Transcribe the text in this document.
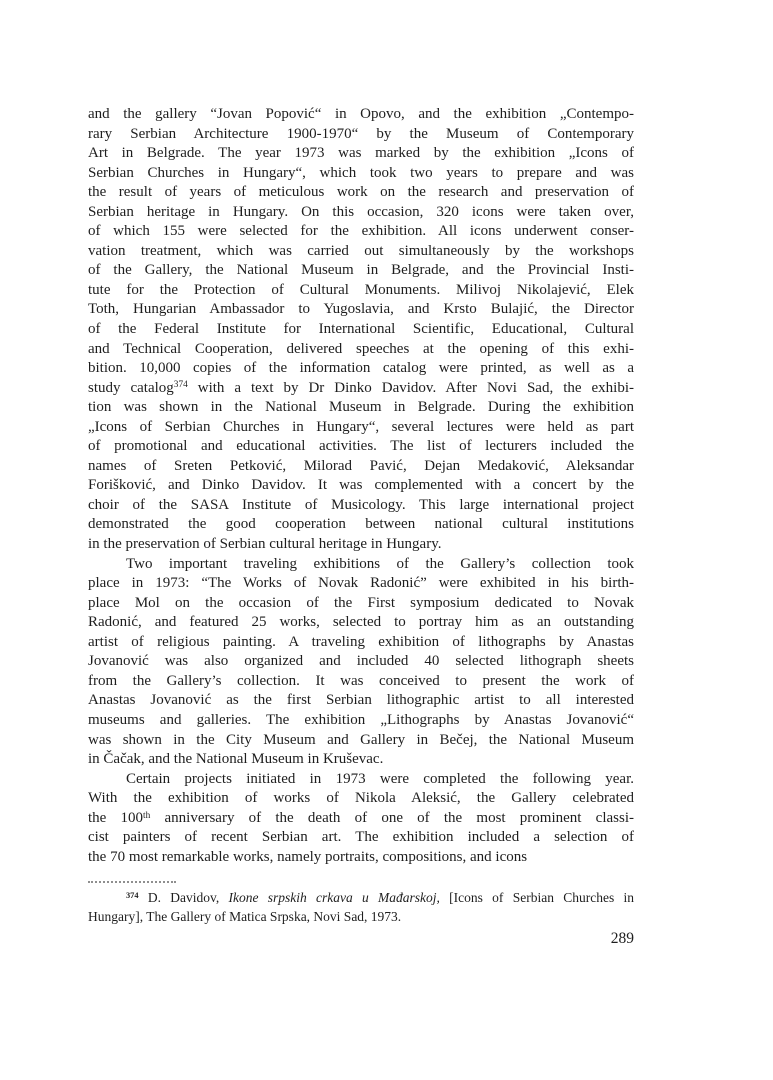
and the gallery “Jovan Popović“ in Opovo, and the exhibition „Contempo-
rary Serbian Architecture 1900-1970“ by the Museum of Contemporary
Art in Belgrade. The year 1973 was marked by the exhibition „Icons of
Serbian Churches in Hungary“, which took two years to prepare and was
the result of years of meticulous work on the research and preservation of
Serbian heritage in Hungary. On this occasion, 320 icons were taken over,
of which 155 were selected for the exhibition. All icons underwent conser-
vation treatment, which was carried out simultaneously by the workshops
of the Gallery, the National Museum in Belgrade, and the Provincial Insti-
tute for the Protection of Cultural Monuments. Milivoj Nikolajević, Elek
Toth, Hungarian Ambassador to Yugoslavia, and Krsto Bulajić, the Director
of the Federal Institute for International Scientific, Educational, Cultural
and Technical Cooperation, delivered speeches at the opening of this exhi-
bition. 10,000 copies of the information catalog were printed, as well as a
study catalog$^{374}$ with a text by Dr Dinko Davidov. After Novi Sad, the exhibi-
tion was shown in the National Museum in Belgrade. During the exhibition
„Icons of Serbian Churches in Hungary“, several lectures were held as part
of promotional and educational activities. The list of lecturers included the
names of Sreten Petković, Milorad Pavić, Dejan Medaković, Aleksandar
Forišković, and Dinko Davidov. It was complemented with a concert by the
choir of the SASA Institute of Musicology. This large international project
demonstrated the good cooperation between national cultural institutions
in the preservation of Serbian cultural heritage in Hungary.
Two important traveling exhibitions of the Gallery’s collection took
place in 1973: “The Works of Novak Radonić” were exhibited in his birth-
place Mol on the occasion of the First symposium dedicated to Novak
Radonić, and featured 25 works, selected to portray him as an outstanding
artist of religious painting. A traveling exhibition of lithographs by Anastas
Jovanović was also organized and included 40 selected lithograph sheets
from the Gallery’s collection. It was conceived to present the work of
Anastas Jovanović as the first Serbian lithographic artist to all interested
museums and galleries. The exhibition „Lithographs by Anastas Jovanović“
was shown in the City Museum and Gallery in Bečej, the National Museum
in Čačak, and the National Museum in Kruševac.
Certain projects initiated in 1973 were completed the following year.
With the exhibition of works of Nikola Aleksić, the Gallery celebrated
the 100th anniversary of the death of one of the most prominent classi-
cist painters of recent Serbian art. The exhibition included a selection of
the 70 most remarkable works, namely portraits, compositions, and icons
$^{374}$ D. Davidov, Ikone srpskih crkava u Mađarskoj, [Icons of Serbian Churches in
Hungary], The Gallery of Matica Srpska, Novi Sad, 1973.
289
